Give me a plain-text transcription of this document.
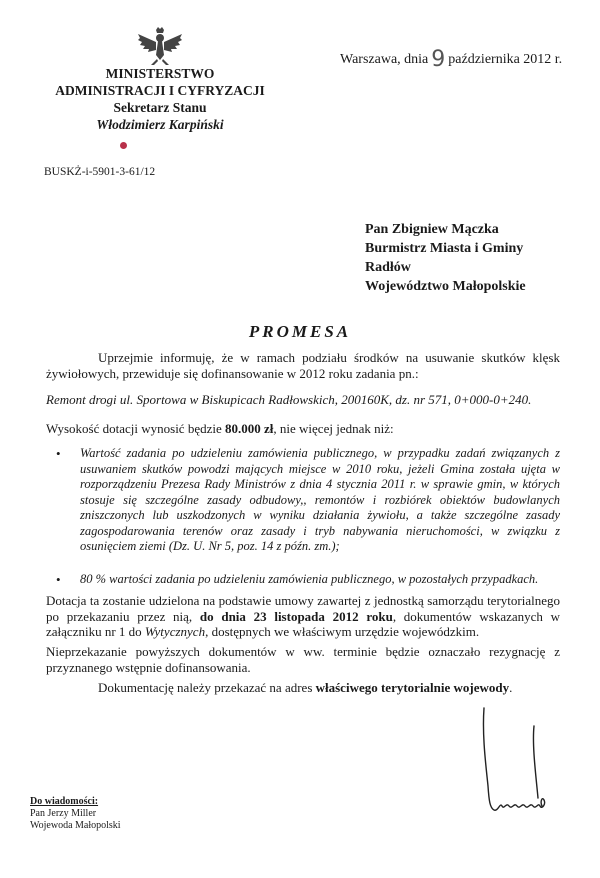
Warszawa, dnia 9 października 2012 r.
MINISTERSTWO
ADMINISTRACJI I CYFRYZACJI
Sekretarz Stanu
Włodzimierz Karpiński
BUSKŻ-i-5901-3-61/12
Pan Zbigniew Mączka
Burmistrz Miasta i Gminy
Radłów
Województwo Małopolskie
PROMESA
Uprzejmie informuję, że w ramach podziału środków na usuwanie skutków klęsk żywiołowych, przewiduje się dofinansowanie w 2012 roku zadania pn.:
Remont drogi ul. Sportowa w Biskupicach Radłowskich, 200160K, dz. nr 571, 0+000-0+240.
Wysokość dotacji wynosić będzie 80.000 zł, nie więcej jednak niż:
• Wartość zadania po udzieleniu zamówienia publicznego, w przypadku zadań związanych z usuwaniem skutków powodzi mających miejsce w 2010 roku, jeżeli Gmina została ujęta w rozporządzeniu Prezesa Rady Ministrów z dnia 4 stycznia 2011 r. w sprawie gmin, w których stosuje się szczególne zasady odbudowy,, remontów i rozbiórek obiektów budowlanych zniszczonych lub uszkodzonych w wyniku działania żywiołu, a także szczególne zasady zagospodarowania terenów oraz zasady i tryb nabywania nieruchomości, w związku z osunięciem ziemi (Dz. U. Nr 5, poz. 14 z późn. zm.);
• 80 % wartości zadania po udzieleniu zamówienia publicznego, w pozostałych przypadkach.
Dotacja ta zostanie udzielona na podstawie umowy zawartej z jednostką samorządu terytorialnego po przekazaniu przez nią, do dnia 23 listopada 2012 roku, dokumentów wskazanych w załączniku nr 1 do Wytycznych, dostępnych we właściwym urzędzie wojewódzkim.
Nieprzekazanie powyższych dokumentów w ww. terminie będzie oznaczało rezygnację z przyznanego wstępnie dofinansowania.
Dokumentację należy przekazać na adres właściwego terytorialnie wojewody.
Do wiadomości:
Pan Jerzy Miller
Wojewoda Małopolski
